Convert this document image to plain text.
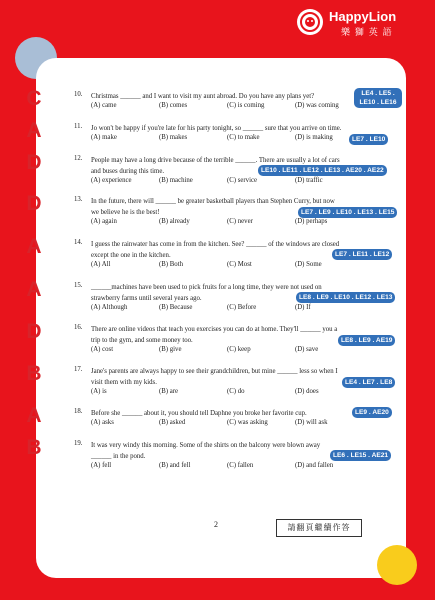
HappyLion
樂 獅 英 語
C	10. Christmas ______ and I want to visit my aunt abroad. Do you have any plans yet?
(A) came	(B) comes	(C) is coming	(D) was coming
LE4 . LE5 .
LE10 . LE16
A	11. Jo won't be happy if you're late for his party tonight, so ______ sure that you arrive on time.
(A) make	(B) makes	(C) to make	(D) is making	LE7 . LE10
D	12. People may have a long drive because of the terrible ______. There are usually a lot of cars
and buses during this time.
(A) experience	(B) machine	(C) service	(D) traffic
LE10 . LE11 . LE12 . LE13 . AE20 . AE22
D	13. In the future, there will ______ be greater basketball players than Stephen Curry, but now
we believe he is the best!
(A) again	(B) already	(C) never	(D) perhaps
LE7 . LE9 . LE10 . LE13 . LE15
A	14. I guess the rainwater has come in from the kitchen. See? ______ of the windows are closed
except the one in the kitchen.
(A) All	(B) Both	(C) Most	(D) Some
LE7 . LE11 . LE12
A	15. ______machines have been used to pick fruits for a long time, they were not used on
strawberry farms until several years ago.
(A) Although	(B) Because	(C) Before	(D) If
LE8 . LE9 . LE10 . LE12 . LE13
D	16. There are online videos that teach you exercises you can do at home. They'll ______ you a
trip to the gym, and some money too.
(A) cost	(B) give	(C) keep	(D) save
LE8 . LE9 . AE19
B	17. Jane's parents are always happy to see their grandchildren, but mine ______ less so when I
visit them with my kids.
(A) is	(B) are	(C) do	(D) does
LE4 . LE7 . LE8
A	18. Before she ______ about it, you should tell Daphne you broke her favorite cup.
(A) asks	(B) asked	(C) was asking	(D) will ask
LE9 . AE20
B	19. It was very windy this morning. Some of the shirts on the balcony were blown away
______ in the pond.
(A) fell	(B) and fell	(C) fallen	(D) and fallen
LE6 . LE15 . AE21
2	請翻頁繼續作答
